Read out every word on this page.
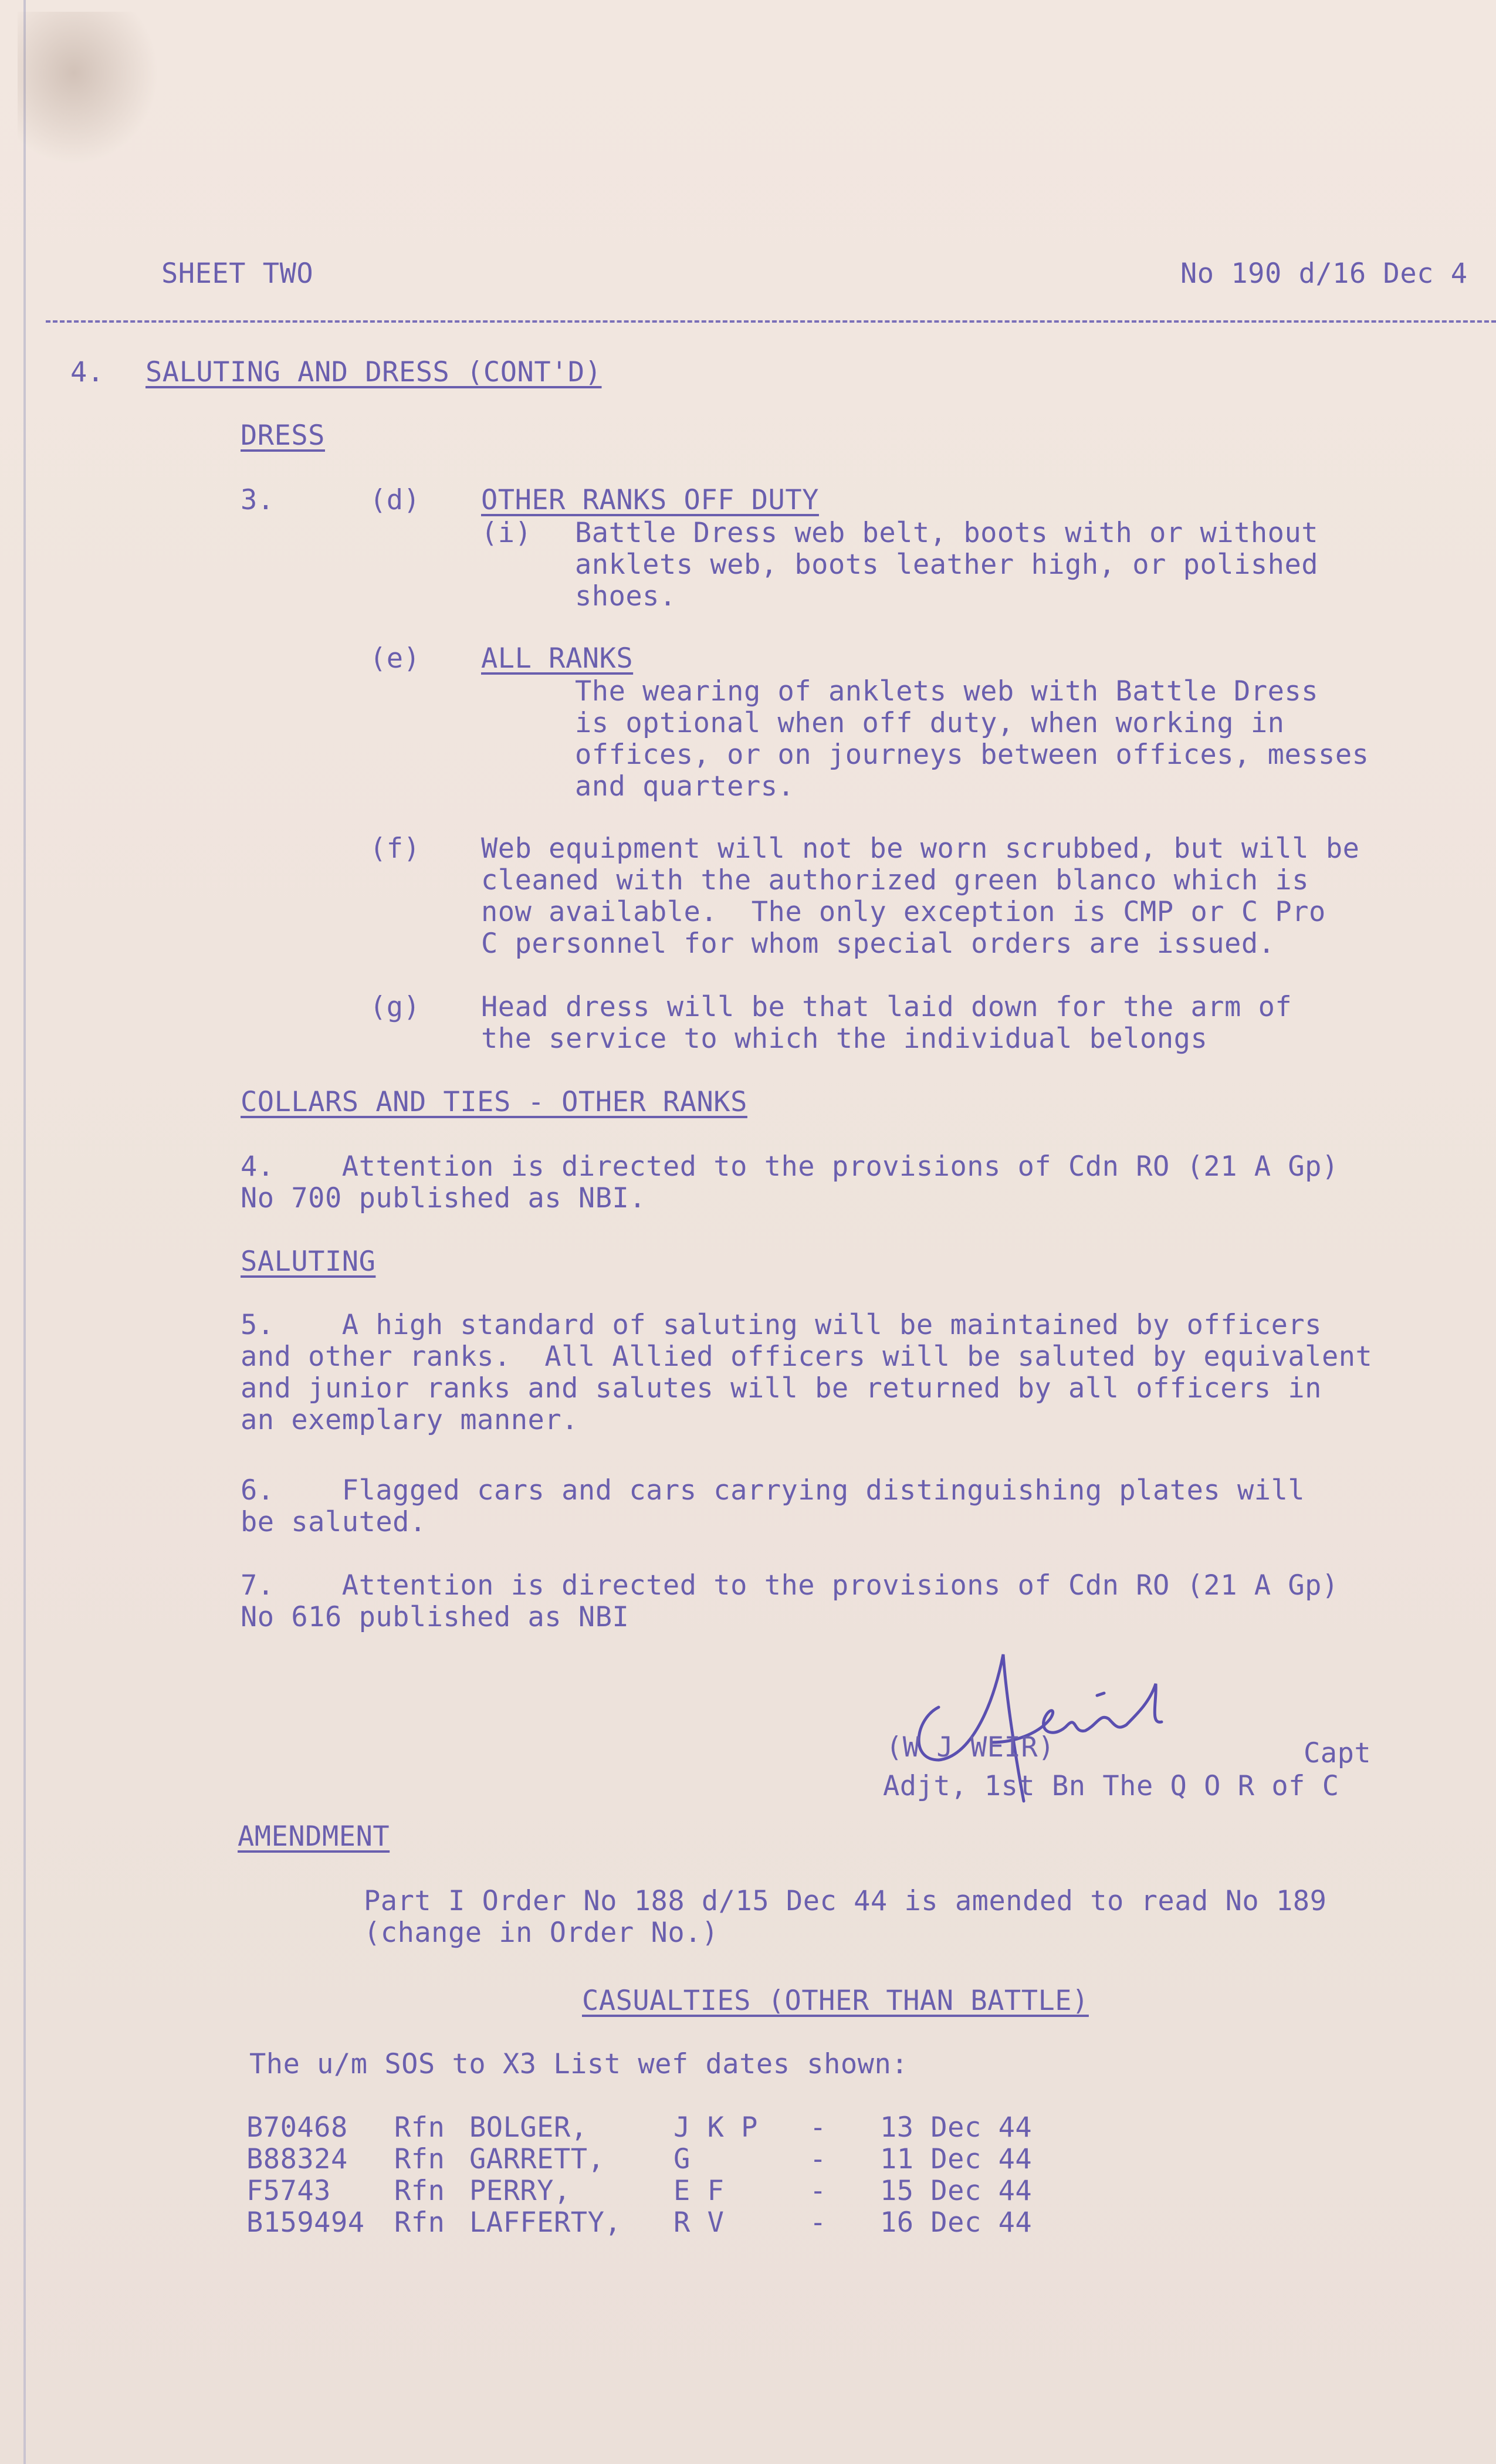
SHEET TWO	No 190 d/16 Dec 4
4. SALUTING AND DRESS (CONT'D)
DRESS
3.	(d) OTHER RANKS OFF DUTY
(i) Battle Dress web belt, boots with or without
anklets web, boots leather high, or polished
shoes.
(e) ALL RANKS
The wearing of anklets web with Battle Dress
is optional when off duty, when working in
offices, or on journeys between offices, messes
and quarters.
(f) Web equipment will not be worn scrubbed, but will be
cleaned with the authorized green blanco which is
now available.  The only exception is CMP or C Pro
C personnel for whom special orders are issued.
(g) Head dress will be that laid down for the arm of
the service to which the individual belongs
COLLARS AND TIES - OTHER RANKS
4.    Attention is directed to the provisions of Cdn RO (21 A Gp)
No 700 published as NBI.
SALUTING
5.    A high standard of saluting will be maintained by officers
and other ranks.  All Allied officers will be saluted by equivalent
and junior ranks and salutes will be returned by all officers in
an exemplary manner.
6.    Flagged cars and cars carrying distinguishing plates will
be saluted.
7.    Attention is directed to the provisions of Cdn RO (21 A Gp)
No 616 published as NBI
(W J WEIR)	Capt
Adjt, 1st Bn The Q O R of C
AMENDMENT
Part I Order No 188 d/15 Dec 44 is amended to read No 189
(change in Order No.)
CASUALTIES (OTHER THAN BATTLE)
The u/m SOS to X3 List wef dates shown:
B70468 Rfn BOLGER,	J K P - 13 Dec 44
B88324 Rfn GARRETT,	G	- 11 Dec 44
F5743 Rfn PERRY,	E F	- 15 Dec 44
B159494 Rfn LAFFERTY, R V	- 16 Dec 44
